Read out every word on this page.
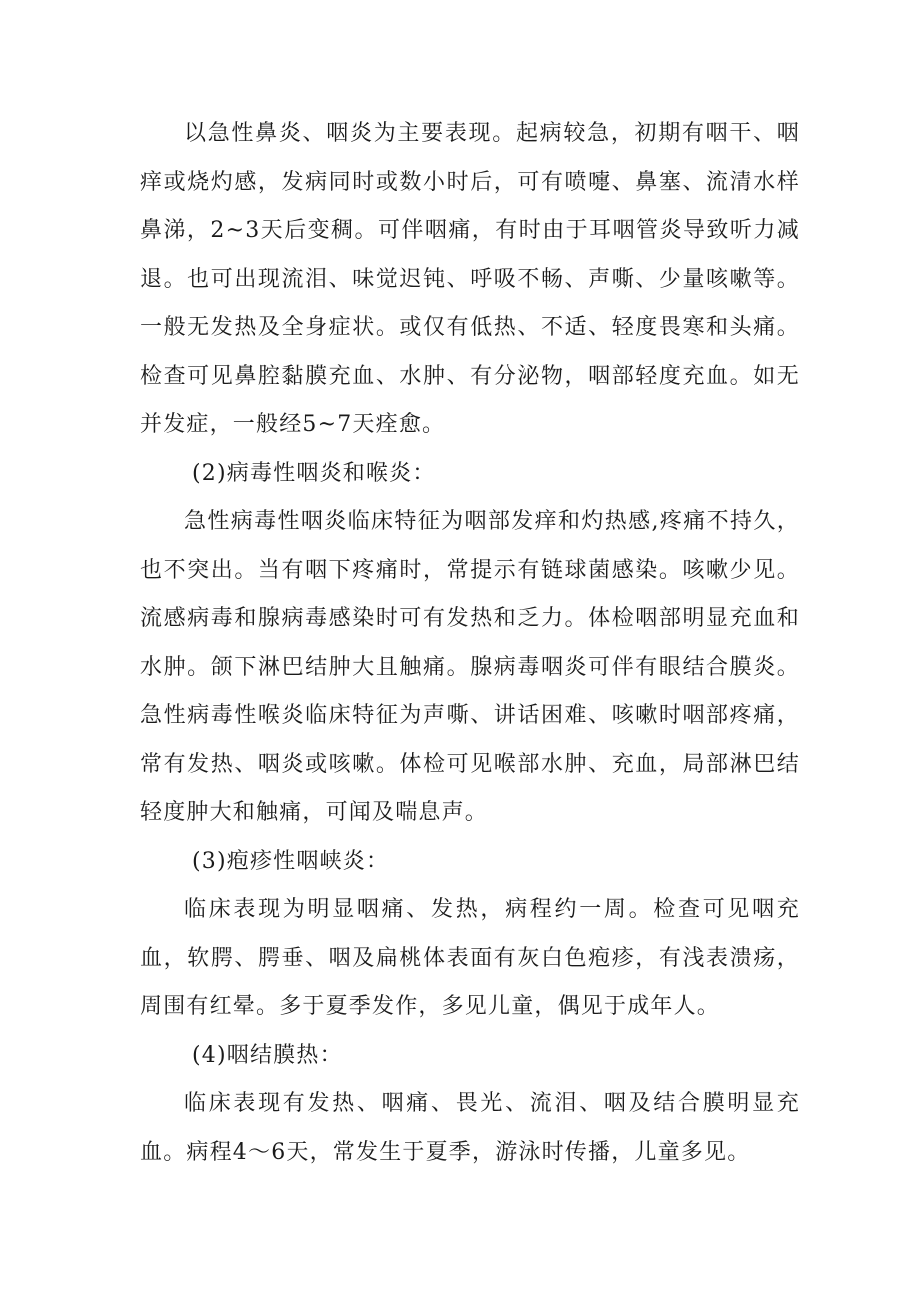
以急性鼻炎、咽炎为主要表现。起病较急，初期有咽干、咽痒或烧灼感，发病同时或数小时后，可有喷嚏、鼻塞、流清水样鼻涕，2~3天后变稠。可伴咽痛，有时由于耳咽管炎导致听力减退。也可出现流泪、味觉迟钝、呼吸不畅、声嘶、少量咳嗽等。一般无发热及全身症状。或仅有低热、不适、轻度畏寒和头痛。检查可见鼻腔黏膜充血、水肿、有分泌物，咽部轻度充血。如无并发症，一般经5~7天痊愈。

(2)病毒性咽炎和喉炎：

急性病毒性咽炎临床特征为咽部发痒和灼热感,疼痛不持久，也不突出。当有咽下疼痛时，常提示有链球菌感染。咳嗽少见。流感病毒和腺病毒感染时可有发热和乏力。体检咽部明显充血和水肿。颌下淋巴结肿大且触痛。腺病毒咽炎可伴有眼结合膜炎。急性病毒性喉炎临床特征为声嘶、讲话困难、咳嗽时咽部疼痛，常有发热、咽炎或咳嗽。体检可见喉部水肿、充血，局部淋巴结轻度肿大和触痛，可闻及喘息声。

(3)疱疹性咽峡炎：

临床表现为明显咽痛、发热，病程约一周。检查可见咽充血，软腭、腭垂、咽及扁桃体表面有灰白色疱疹，有浅表溃疡，周围有红晕。多于夏季发作，多见儿童，偶见于成年人。

(4)咽结膜热：

临床表现有发热、咽痛、畏光、流泪、咽及结合膜明显充血。病程4～6天，常发生于夏季，游泳时传播，儿童多见。
